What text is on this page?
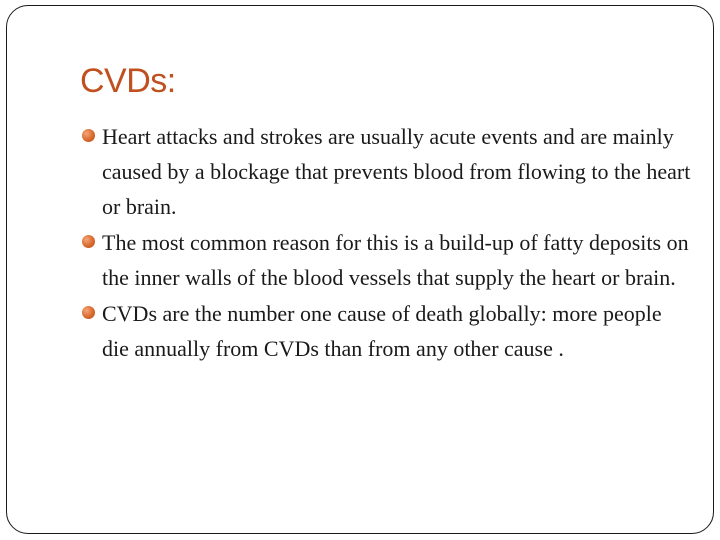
CVDs:
Heart attacks and strokes are usually acute events and are mainly caused by a blockage that prevents blood from flowing to the heart or brain.
The most common reason for this is a build-up of fatty deposits on the inner walls of the blood vessels that supply the heart or brain.
CVDs are the number one cause of death globally: more people die annually from CVDs than from any other cause .
